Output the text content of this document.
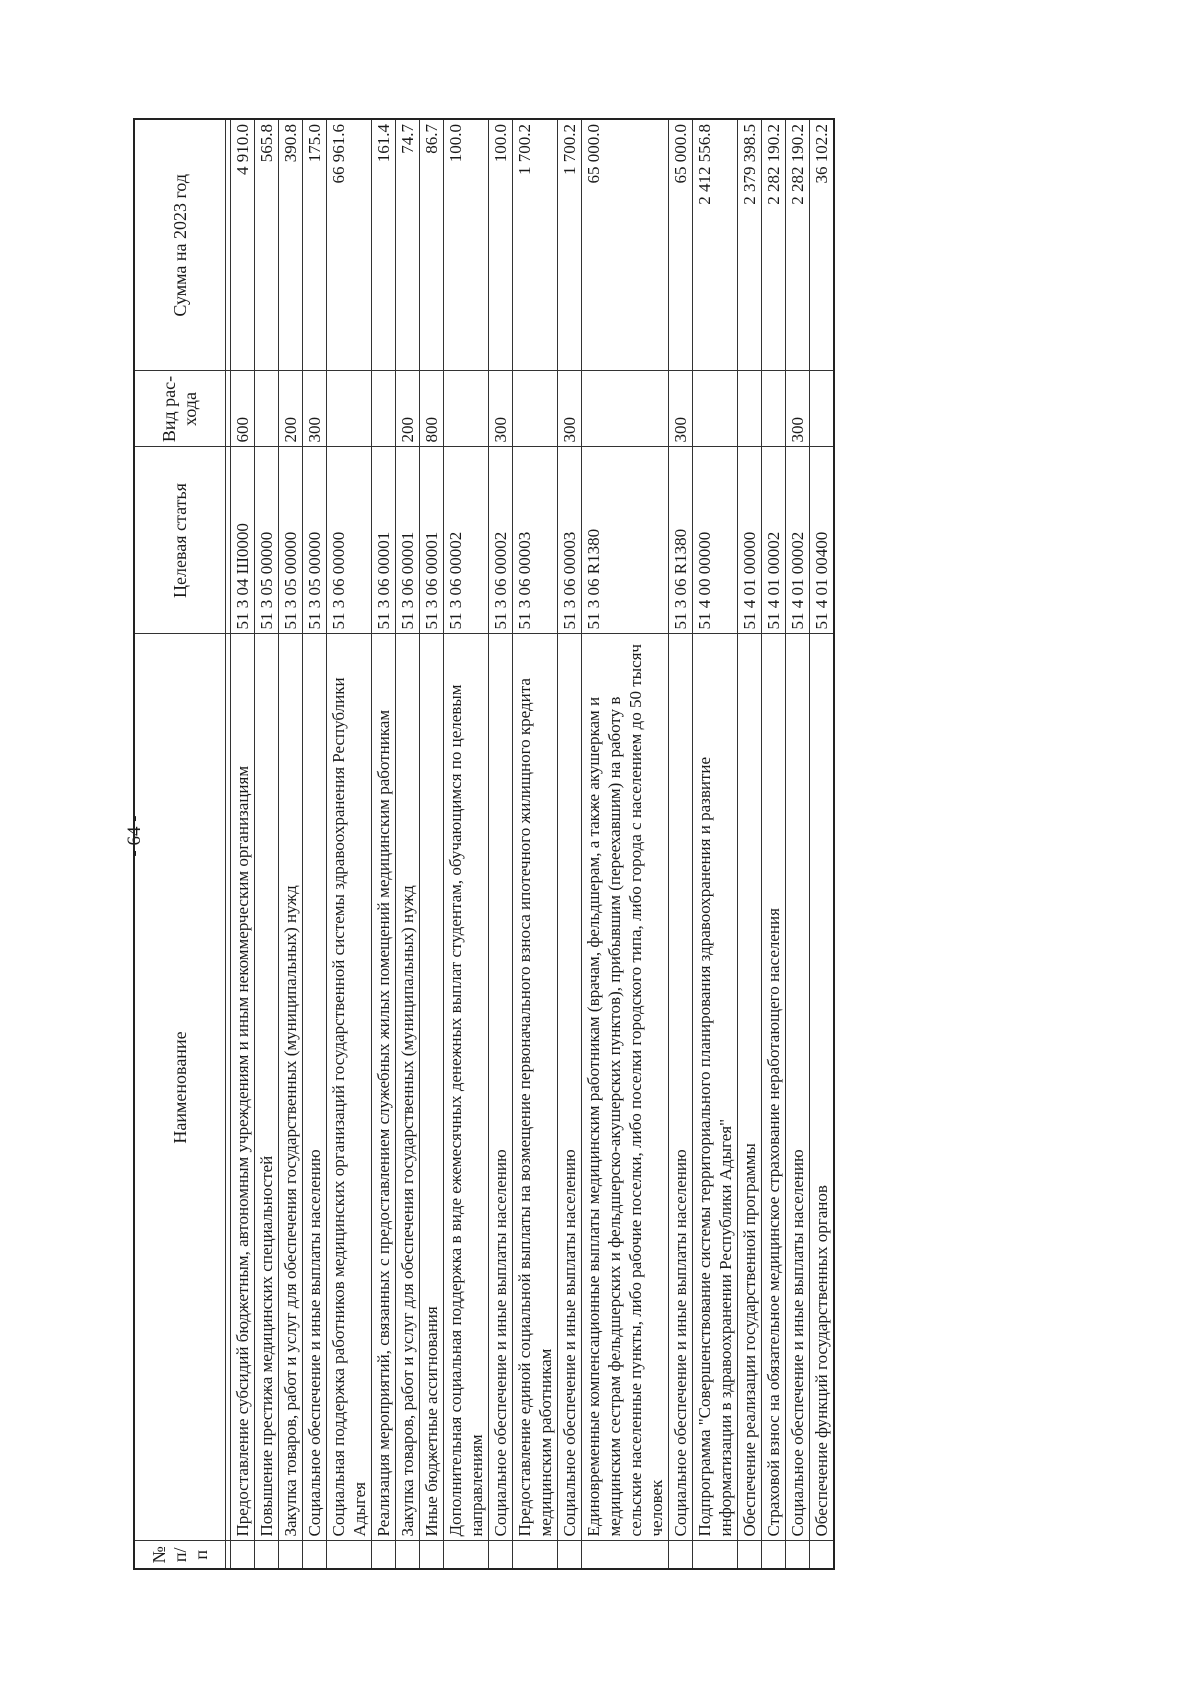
- 64 -
№ п/п	Наименование	Целевая статья	Вид рас-хода	Сумма на 2023 год

	Предоставление субсидий бюджетным, автономным учреждениям и иным некоммерческим организациям	51 3 04 Ш0000	600	4 910.0
	Повышение престижа медицинских специальностей	51 3 05 00000		565.8
	Закупка товаров, работ и услуг для обеспечения государственных (муниципальных) нужд	51 3 05 00000	200	390.8
	Социальное обеспечение и иные выплаты населению	51 3 05 00000	300	175.0
	Социальная поддержка работников медицинских организаций государственной системы здравоохранения Республики Адыгея	51 3 06 00000		66 961.6
	Реализация мероприятий, связанных с предоставлением служебных жилых помещений медицинским работникам	51 3 06 00001		161.4
	Закупка товаров, работ и услуг для обеспечения государственных (муниципальных) нужд	51 3 06 00001	200	74.7
	Иные бюджетные ассигнования	51 3 06 00001	800	86.7
	Дополнительная социальная поддержка в виде ежемесячных денежных выплат студентам, обучающимся по целевым направлениям	51 3 06 00002		100.0
	Социальное обеспечение и иные выплаты населению	51 3 06 00002	300	100.0
	Предоставление единой социальной выплаты на возмещение первоначального взноса ипотечного жилищного кредита медицинским работникам	51 3 06 00003		1 700.2
	Социальное обеспечение и иные выплаты населению	51 3 06 00003	300	1 700.2
	Единовременные компенсационные выплаты медицинским работникам (врачам, фельдшерам, а также акушеркам и медицинским сестрам фельдшерских и фельдшерско-акушерских пунктов), прибывшим (переехавшим) на работу в сельские населенные пункты, либо рабочие поселки, либо поселки городского типа, либо города с населением до 50 тысяч человек	51 3 06 R1380		65 000.0
	Социальное обеспечение и иные выплаты населению	51 3 06 R1380	300	65 000.0
	Подпрограмма "Совершенствование системы территориального планирования здравоохранения и развитие информатизации в здравоохранении Республики Адыгея"	51 4 00 00000		2 412 556.8
	Обеспечение реализации государственной программы	51 4 01 00000		2 379 398.5
	Страховой взнос на обязательное медицинское страхование неработающего населения	51 4 01 00002		2 282 190.2
	Социальное обеспечение и иные выплаты населению	51 4 01 00002	300	2 282 190.2
	Обеспечение функций государственных органов	51 4 01 00400		36 102.2
